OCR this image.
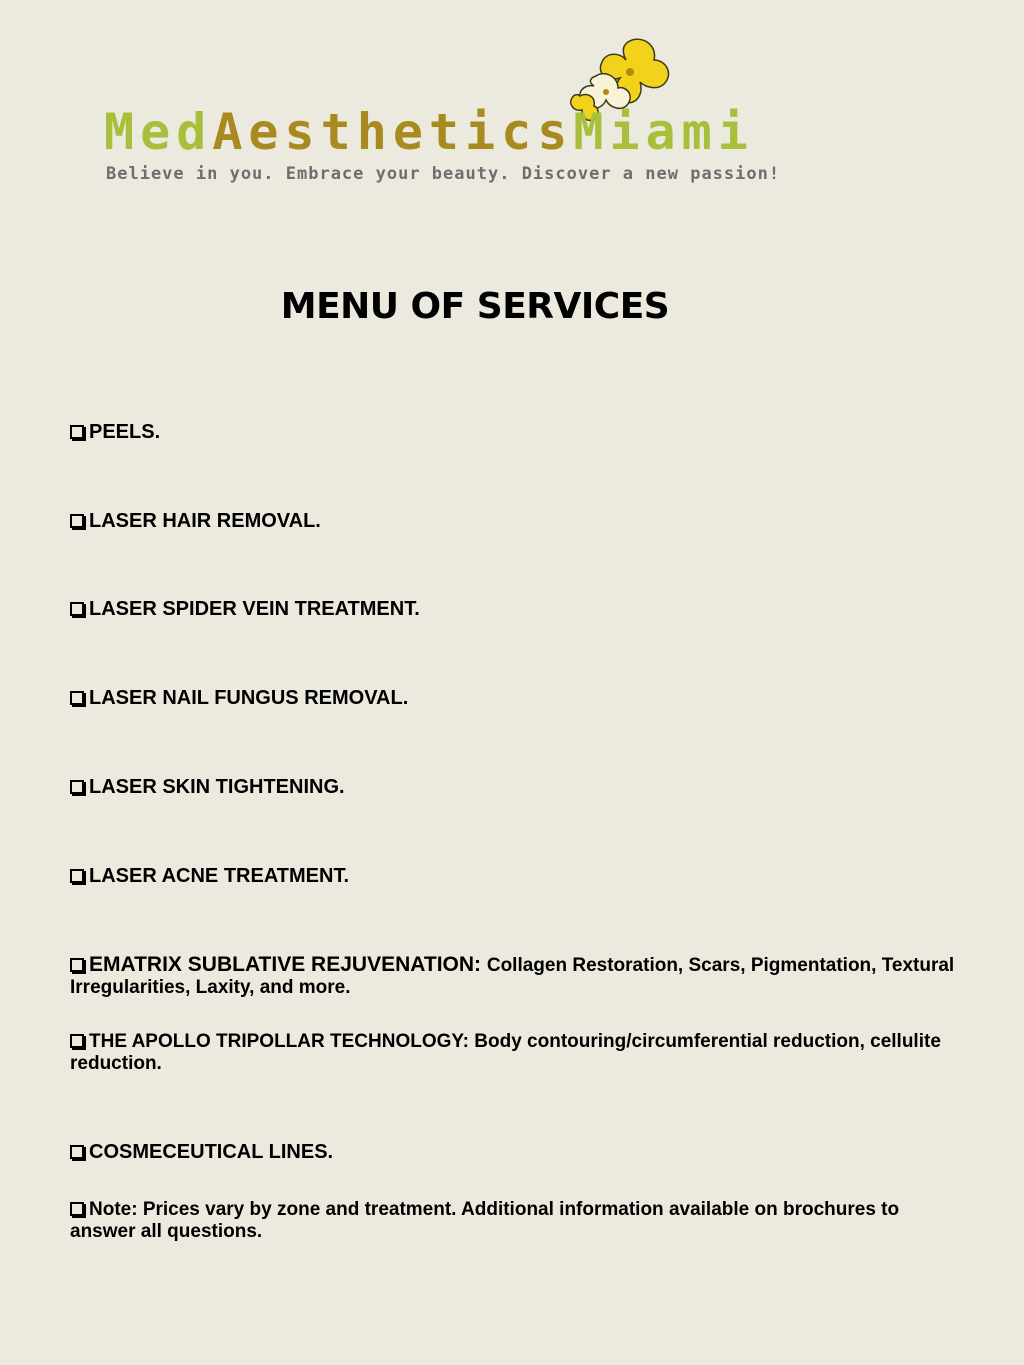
MedAestheticsMiami
Believe in you. Embrace your beauty. Discover a new passion!
MENU OF SERVICES
PEELS.
LASER HAIR REMOVAL.
LASER SPIDER VEIN TREATMENT.
LASER NAIL FUNGUS REMOVAL.
LASER SKIN TIGHTENING.
LASER ACNE TREATMENT.
EMATRIX SUBLATIVE REJUVENATION: Collagen Restoration, Scars, Pigmentation, Textural Irregularities, Laxity, and more.
THE APOLLO TRIPOLLAR TECHNOLOGY: Body contouring/circumferential reduction, cellulite reduction.
COSMECEUTICAL LINES.
Note: Prices vary by zone and treatment. Additional information available on brochures to answer all questions.
